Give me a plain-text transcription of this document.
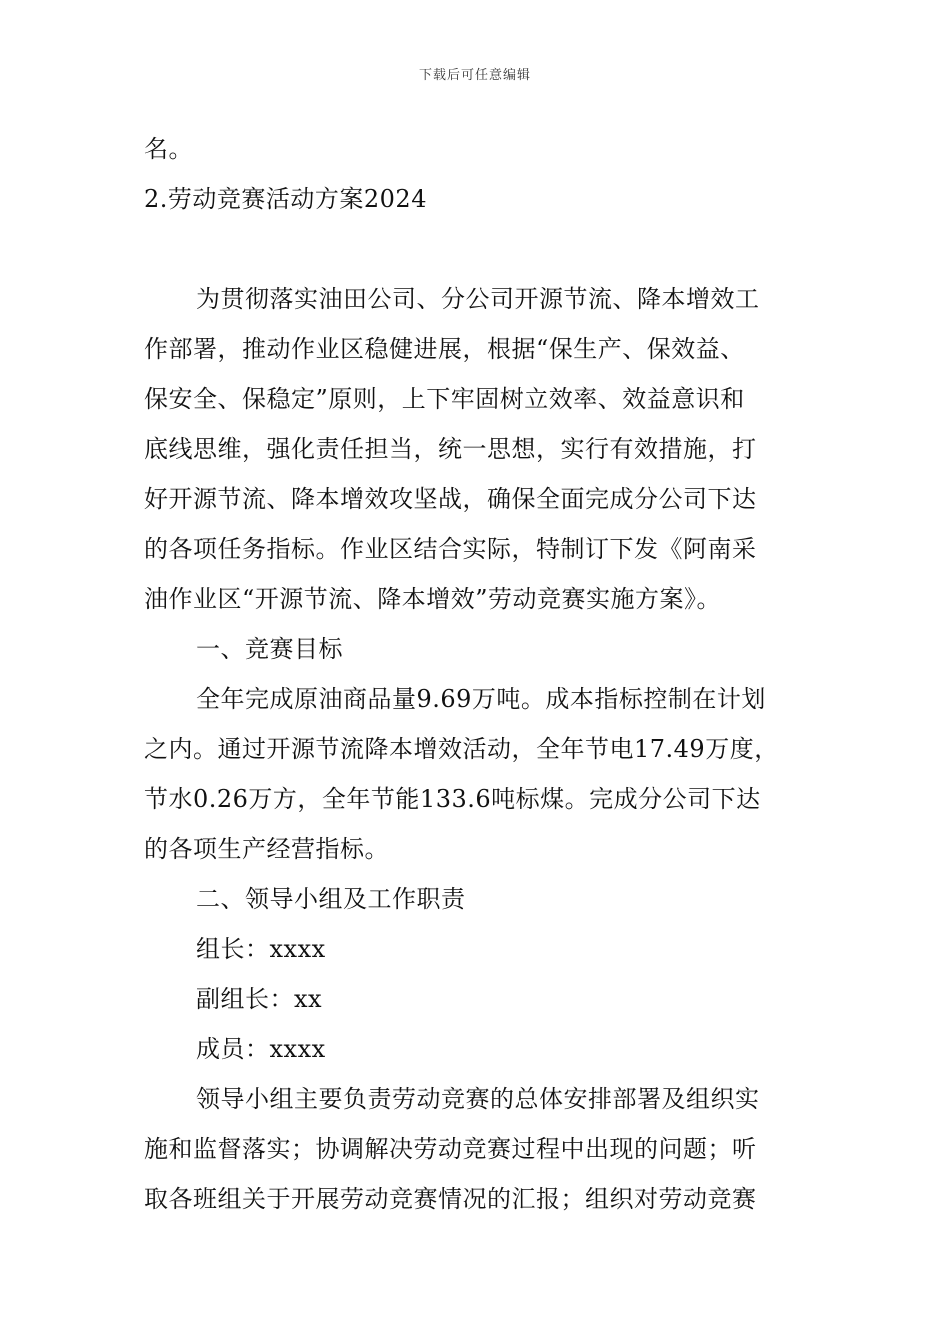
下载后可任意编辑
名。
2.劳动竞赛活动方案2024
为贯彻落实油田公司、分公司开源节流、降本增效工
作部署，推动作业区稳健进展，根据“保生产、保效益、
保安全、保稳定”原则，上下牢固树立效率、效益意识和
底线思维，强化责任担当，统一思想，实行有效措施，打
好开源节流、降本增效攻坚战，确保全面完成分公司下达
的各项任务指标。作业区结合实际，特制订下发《阿南采
油作业区“开源节流、降本增效”劳动竞赛实施方案》。
一、竞赛目标
全年完成原油商品量9.69万吨。成本指标控制在计划
之内。通过开源节流降本增效活动，全年节电17.49万度，
节水0.26万方，全年节能133.6吨标煤。完成分公司下达
的各项生产经营指标。
二、领导小组及工作职责
组长：xxxx
副组长：xx
成员：xxxx
领导小组主要负责劳动竞赛的总体安排部署及组织实
施和监督落实；协调解决劳动竞赛过程中出现的问题；听
取各班组关于开展劳动竞赛情况的汇报；组织对劳动竞赛
